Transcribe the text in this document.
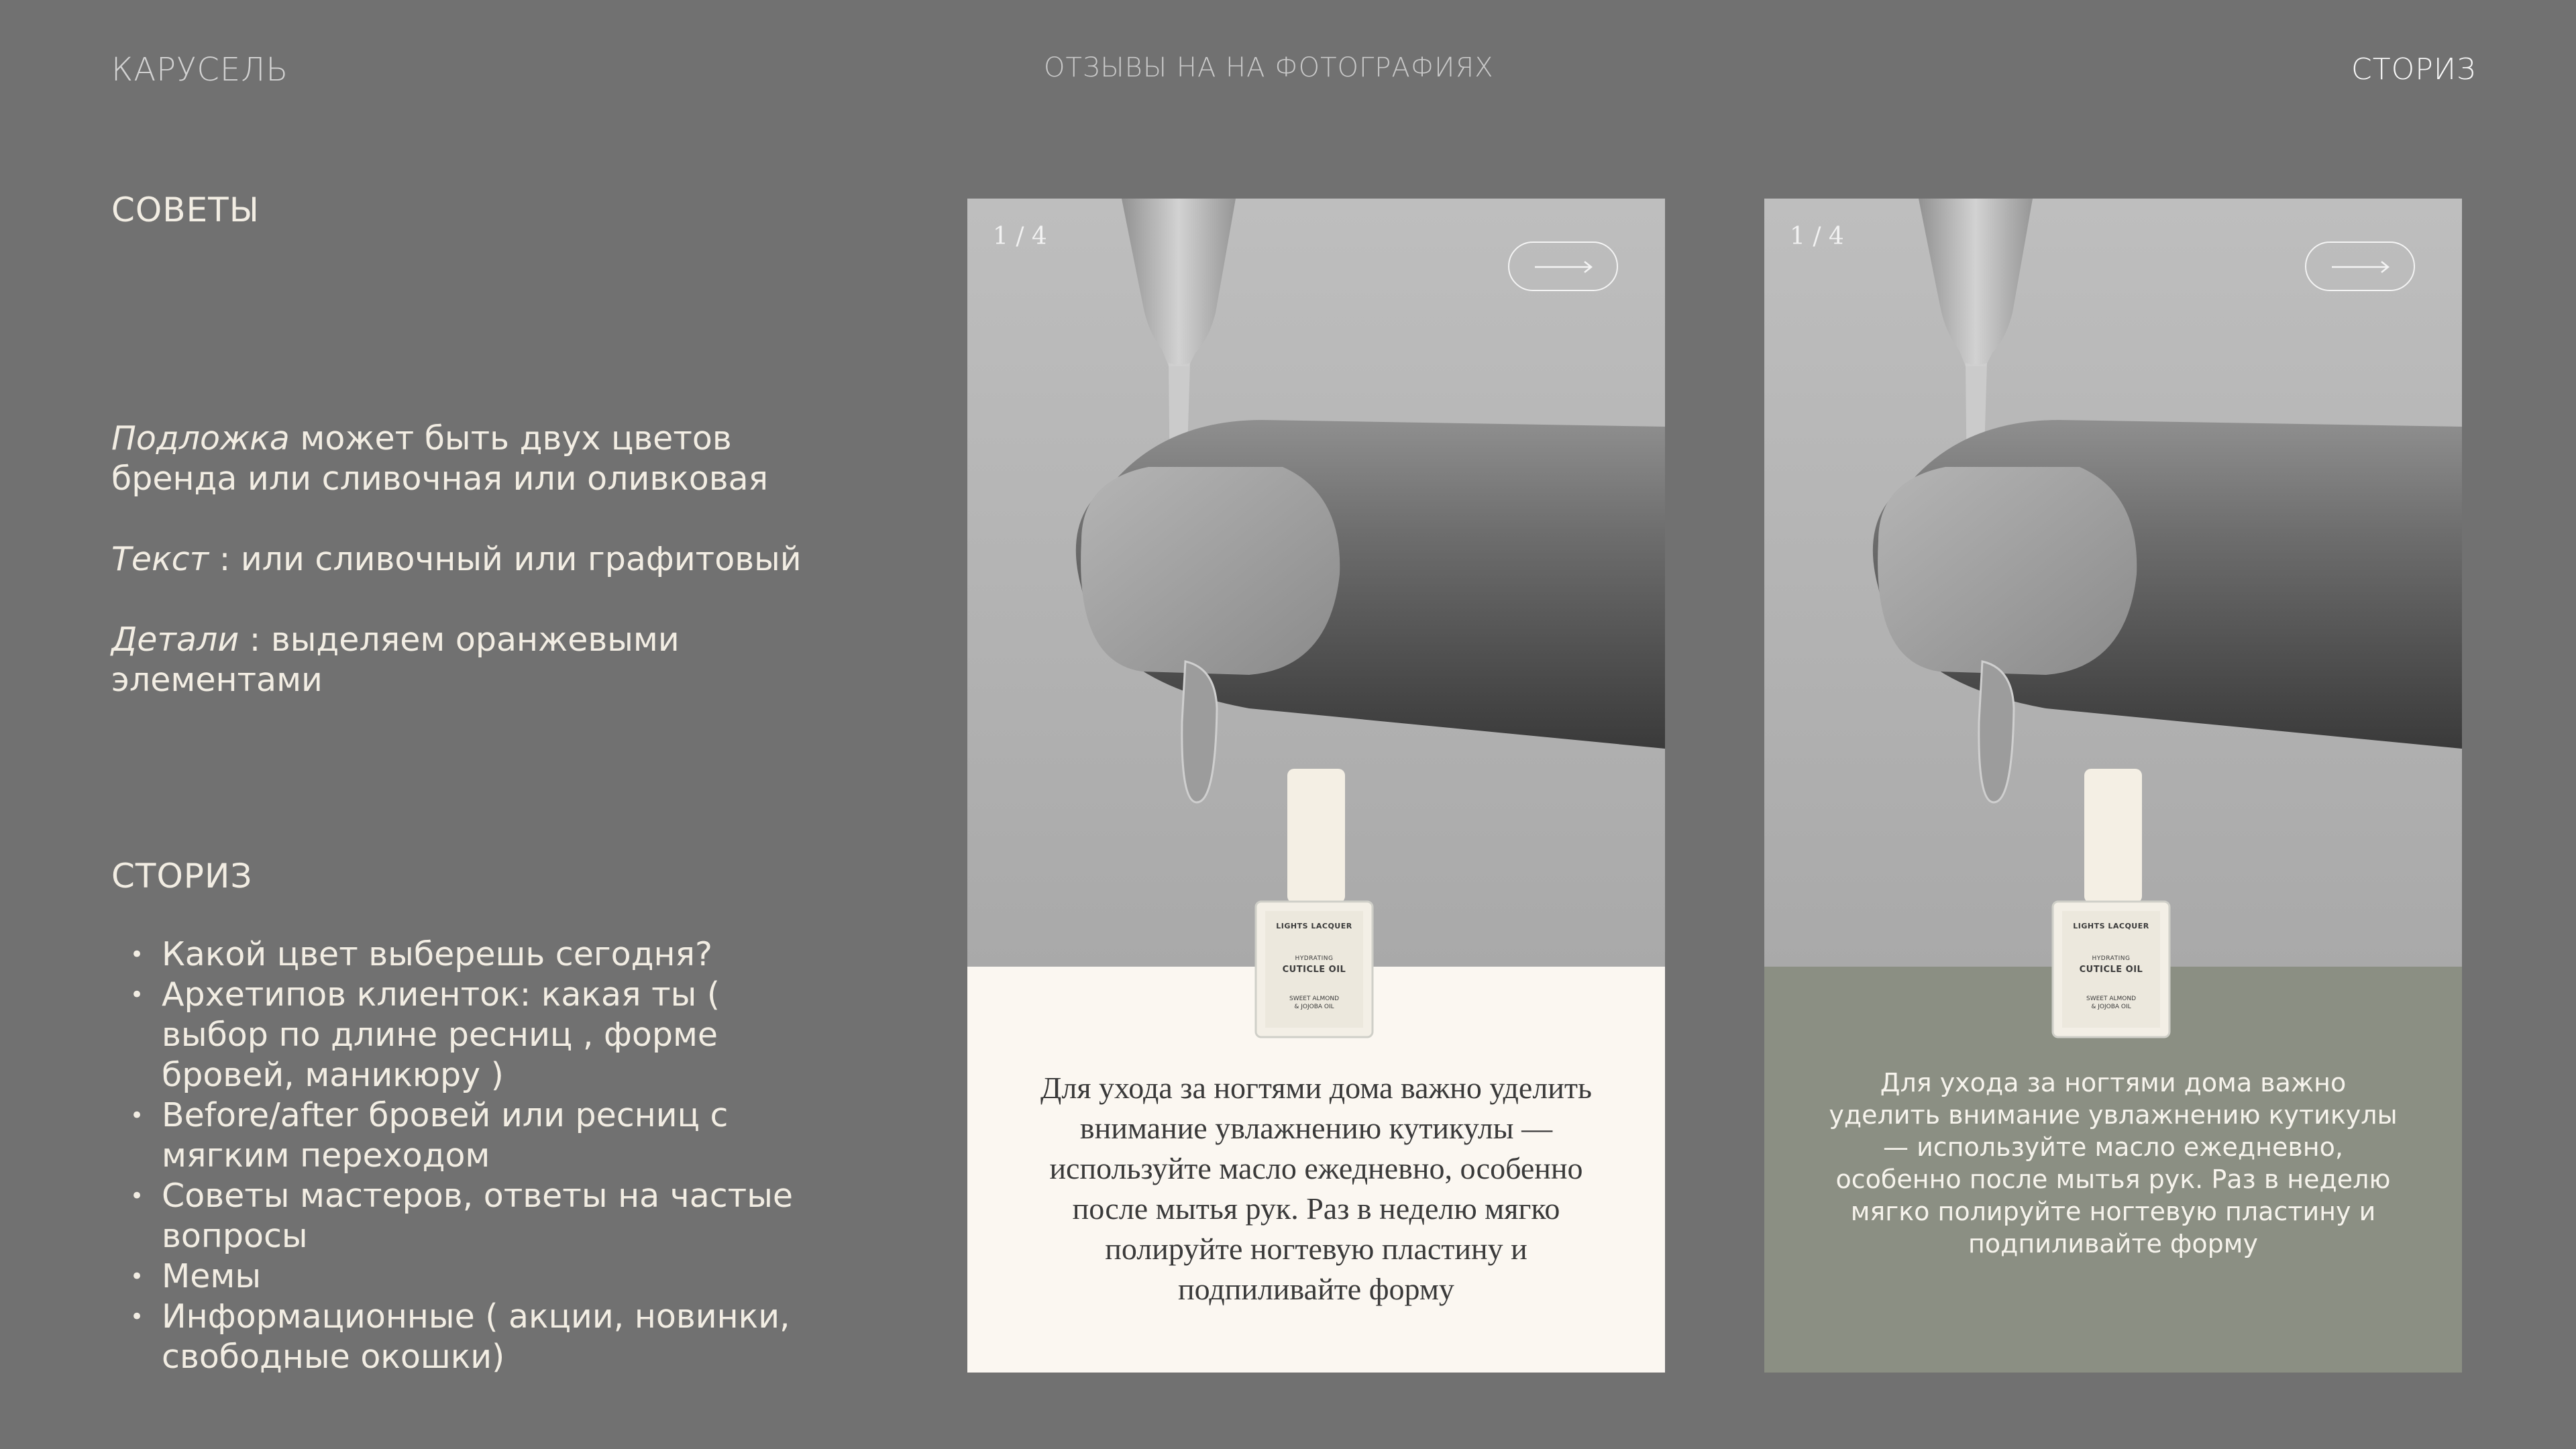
КАРУСЕЛЬ	ОТЗЫВЫ НА НА ФОТОГРАФИЯХ	СТОРИЗ
СОВЕТЫ

Подложка может быть двух цветов бренда или сливочная или оливковая

Текст : или сливочный или графитовый

Детали : выделяем оранжевыми элементами

СТОРИЗ
• Какой цвет выберешь сегодня?
• Архетипов клиенток: какая ты ( выбор по длине ресниц , форме бровей, маникюру )
• Before/after бровей или ресниц с мягким переходом
• Советы мастеров, ответы на частые вопросы
• Мемы
• Информационные ( акции, новинки, свободные окошки)
1 / 4
LIGHTS LACQUER
HYDRATING
CUTICLE OIL
SWEET ALMOND
& JOJOBA OIL
Для ухода за ногтями дома важно уделить внимание увлажнению кутикулы — используйте масло ежедневно, особенно после мытья рук. Раз в неделю мягко полируйте ногтевую пластину и подпиливайте форму
1 / 4
LIGHTS LACQUER
HYDRATING
CUTICLE OIL
SWEET ALMOND
& JOJOBA OIL
Для ухода за ногтями дома важно уделить внимание увлажнению кутикулы — используйте масло ежедневно, особенно после мытья рук. Раз в неделю мягко полируйте ногтевую пластину и подпиливайте форму
